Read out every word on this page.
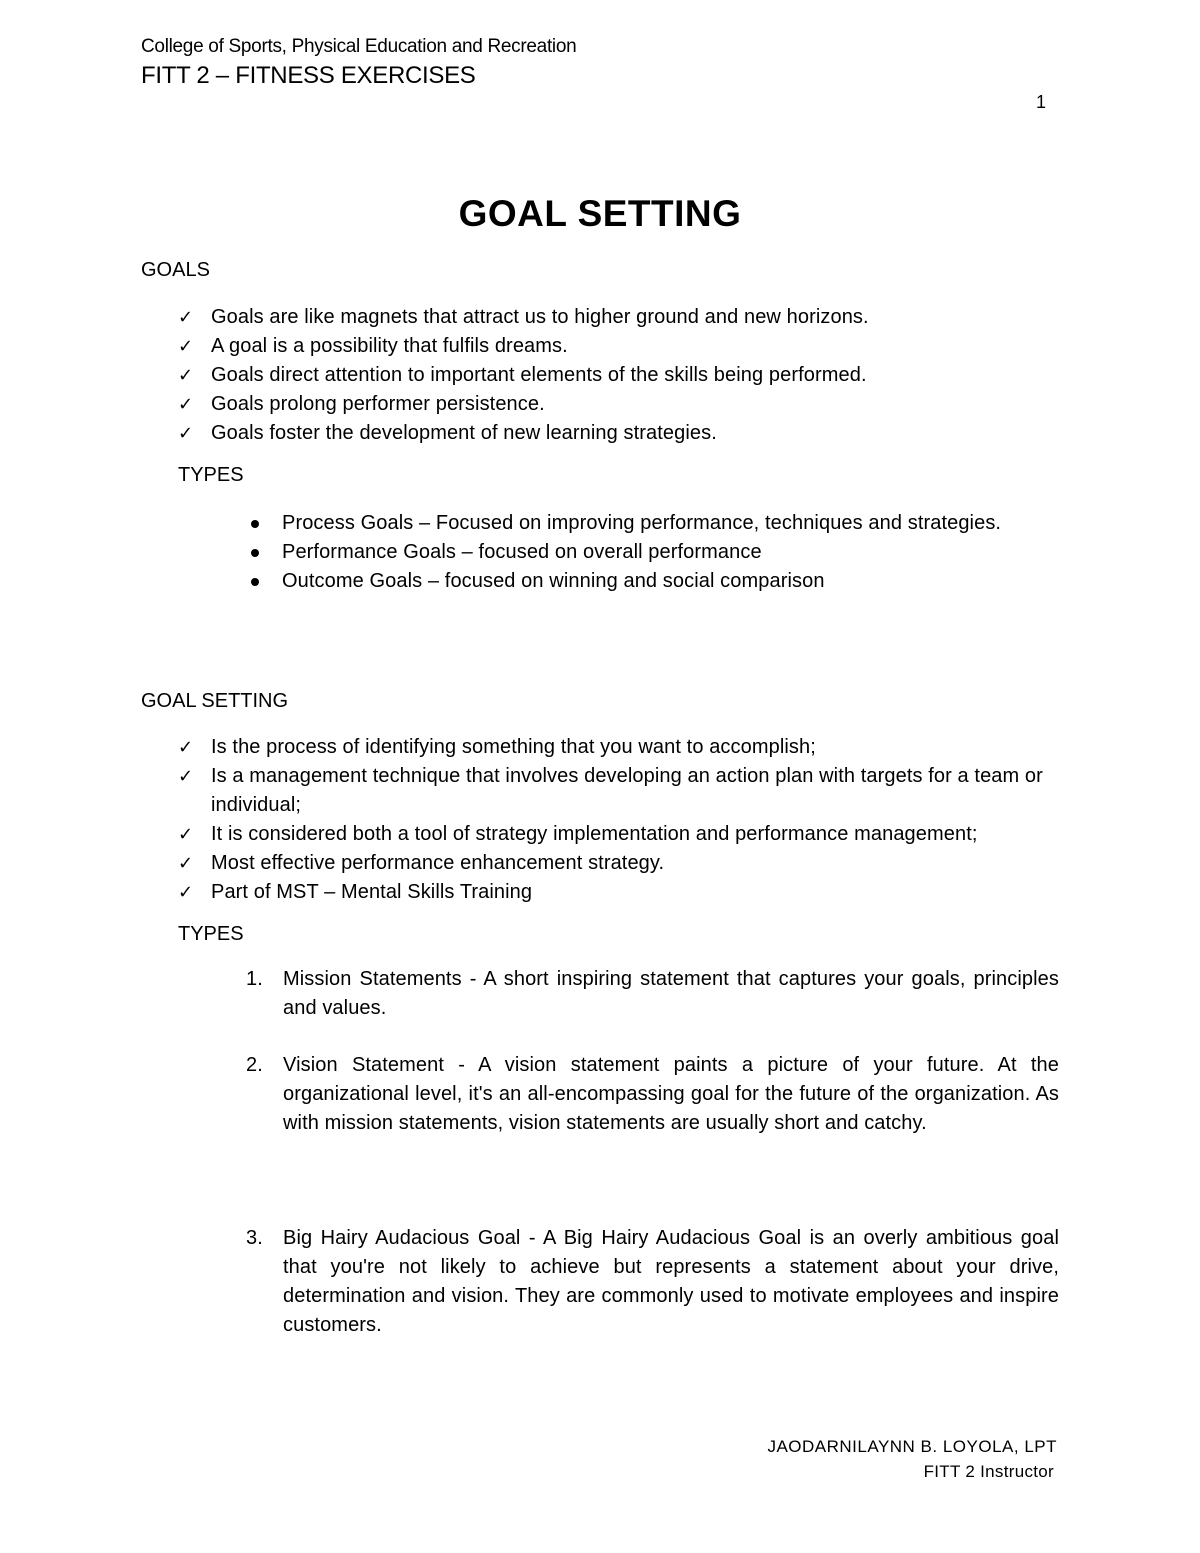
College of Sports, Physical Education and Recreation
FITT 2 – FITNESS EXERCISES
1
GOAL SETTING
GOALS
✓ Goals are like magnets that attract us to higher ground and new horizons.
✓ A goal is a possibility that fulfils dreams.
✓ Goals direct attention to important elements of the skills being performed.
✓ Goals prolong performer persistence.
✓ Goals foster the development of new learning strategies.
TYPES
Process Goals – Focused on improving performance, techniques and strategies.
Performance Goals – focused on overall performance
Outcome Goals – focused on winning and social comparison
GOAL SETTING
✓ Is the process of identifying something that you want to accomplish;
✓ Is a management technique that involves developing an action plan with targets for a team or individual;
✓ It is considered both a tool of strategy implementation and performance management;
✓ Most effective performance enhancement strategy.
✓ Part of MST – Mental Skills Training
TYPES
1. Mission Statements - A short inspiring statement that captures your goals, principles and values.
2. Vision Statement - A vision statement paints a picture of your future. At the organizational level, it's an all-encompassing goal for the future of the organization. As with mission statements, vision statements are usually short and catchy.
3. Big Hairy Audacious Goal - A Big Hairy Audacious Goal is an overly ambitious goal that you're not likely to achieve but represents a statement about your drive, determination and vision. They are commonly used to motivate employees and inspire customers.
JAODARNILAYNN B. LOYOLA, LPT
FITT 2 Instructor
